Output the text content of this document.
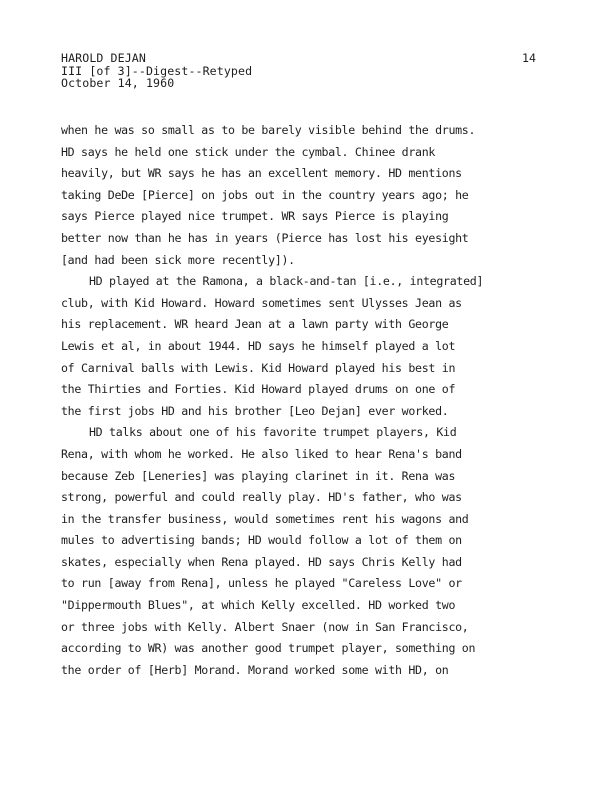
HAROLD DEJAN
III [of 3]--Digest--Retyped
October 14, 1960
14
when he was so small as to be barely visible behind the drums.
HD says he held one stick under the cymbal. Chinee drank
heavily, but WR says he has an excellent memory. HD mentions
taking DeDe [Pierce] on jobs out in the country years ago; he
says Pierce played nice trumpet. WR says Pierce is playing
better now than he has in years (Pierce has lost his eyesight
[and had been sick more recently]).
HD played at the Ramona, a black-and-tan [i.e., integrated]
club, with Kid Howard. Howard sometimes sent Ulysses Jean as
his replacement. WR heard Jean at a lawn party with George
Lewis et al, in about 1944. HD says he himself played a lot
of Carnival balls with Lewis. Kid Howard played his best in
the Thirties and Forties. Kid Howard played drums on one of
the first jobs HD and his brother [Leo Dejan] ever worked.
HD talks about one of his favorite trumpet players, Kid
Rena, with whom he worked. He also liked to hear Rena's band
because Zeb [Leneries] was playing clarinet in it. Rena was
strong, powerful and could really play. HD's father, who was
in the transfer business, would sometimes rent his wagons and
mules to advertising bands; HD would follow a lot of them on
skates, especially when Rena played. HD says Chris Kelly had
to run [away from Rena], unless he played "Careless Love" or
"Dippermouth Blues", at which Kelly excelled. HD worked two
or three jobs with Kelly. Albert Snaer (now in San Francisco,
according to WR) was another good trumpet player, something on
the order of [Herb] Morand. Morand worked some with HD, on
